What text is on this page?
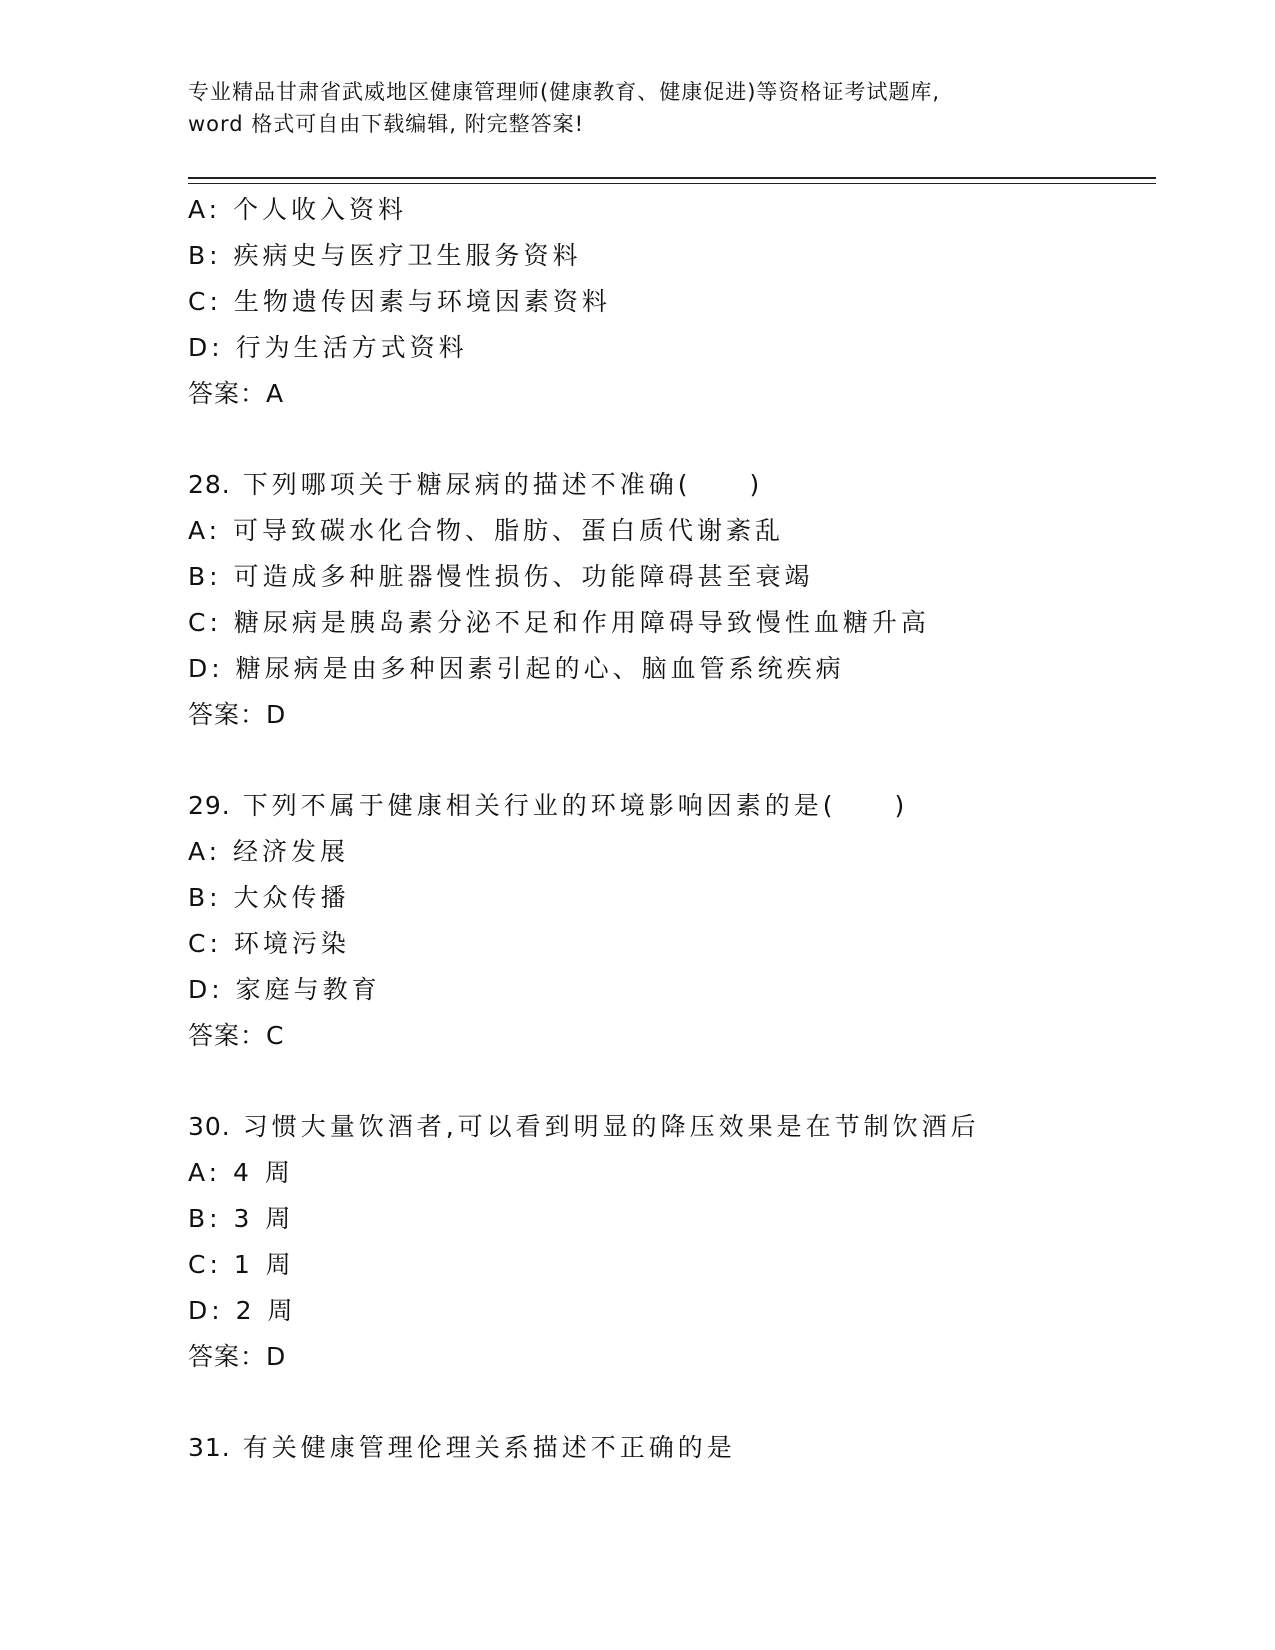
专业精品甘肃省武威地区健康管理师(健康教育、健康促进)等资格证考试题库,
word 格式可自由下载编辑, 附完整答案!
A: 个人收入资料
B: 疾病史与医疗卫生服务资料
C: 生物遗传因素与环境因素资料
D: 行为生活方式资料
答案：A
28. 下列哪项关于糖尿病的描述不准确(　　)
A: 可导致碳水化合物、脂肪、蛋白质代谢紊乱
B: 可造成多种脏器慢性损伤、功能障碍甚至衰竭
C: 糖尿病是胰岛素分泌不足和作用障碍导致慢性血糖升高
D: 糖尿病是由多种因素引起的心、脑血管系统疾病
答案：D
29. 下列不属于健康相关行业的环境影响因素的是(　　)
A: 经济发展
B: 大众传播
C: 环境污染
D: 家庭与教育
答案：C
30. 习惯大量饮酒者,可以看到明显的降压效果是在节制饮酒后
A: 4 周
B: 3 周
C: 1 周
D: 2 周
答案：D
31. 有关健康管理伦理关系描述不正确的是
